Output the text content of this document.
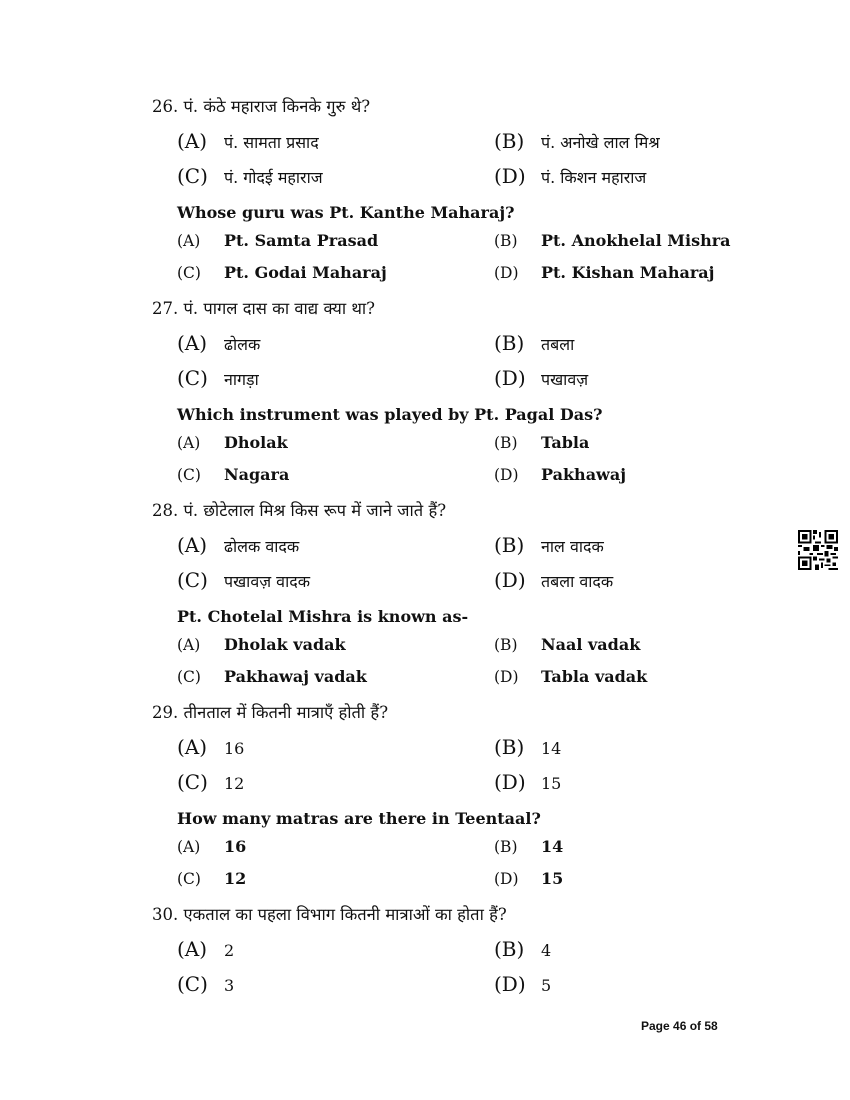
26. पं. कंठे महाराज किनके गुरु थे?
(A) पं. सामता प्रसाद	(B) पं. अनोखे लाल मिश्र
(C) पं. गोदई महाराज	(D) पं. किशन महाराज
Whose guru was Pt. Kanthe Maharaj?
(A) Pt. Samta Prasad	(B) Pt. Anokhelal Mishra
(C) Pt. Godai Maharaj	(D) Pt. Kishan Maharaj
27. पं. पागल दास का वाद्य क्या था?
(A) ढोलक	(B) तबला
(C) नागड़ा	(D) पखावज़
Which instrument was played by Pt. Pagal Das?
(A) Dholak	(B) Tabla
(C) Nagara	(D) Pakhawaj
28. पं. छोटेलाल मिश्र किस रूप में जाने जाते हैं?
(A) ढोलक वादक	(B) नाल वादक
(C) पखावज़ वादक	(D) तबला वादक
Pt. Chotelal Mishra is known as-
(A) Dholak vadak	(B) Naal vadak
(C) Pakhawaj vadak	(D) Tabla vadak
29. तीनताल में कितनी मात्राएँ होती हैं?
(A) 16	(B) 14
(C) 12	(D) 15
How many matras are there in Teentaal?
(A) 16	(B) 14
(C) 12	(D) 15
30. एकताल का पहला विभाग कितनी मात्राओं का होता हैं?
(A) 2	(B) 4
(C) 3	(D) 5
Page 46 of 58
